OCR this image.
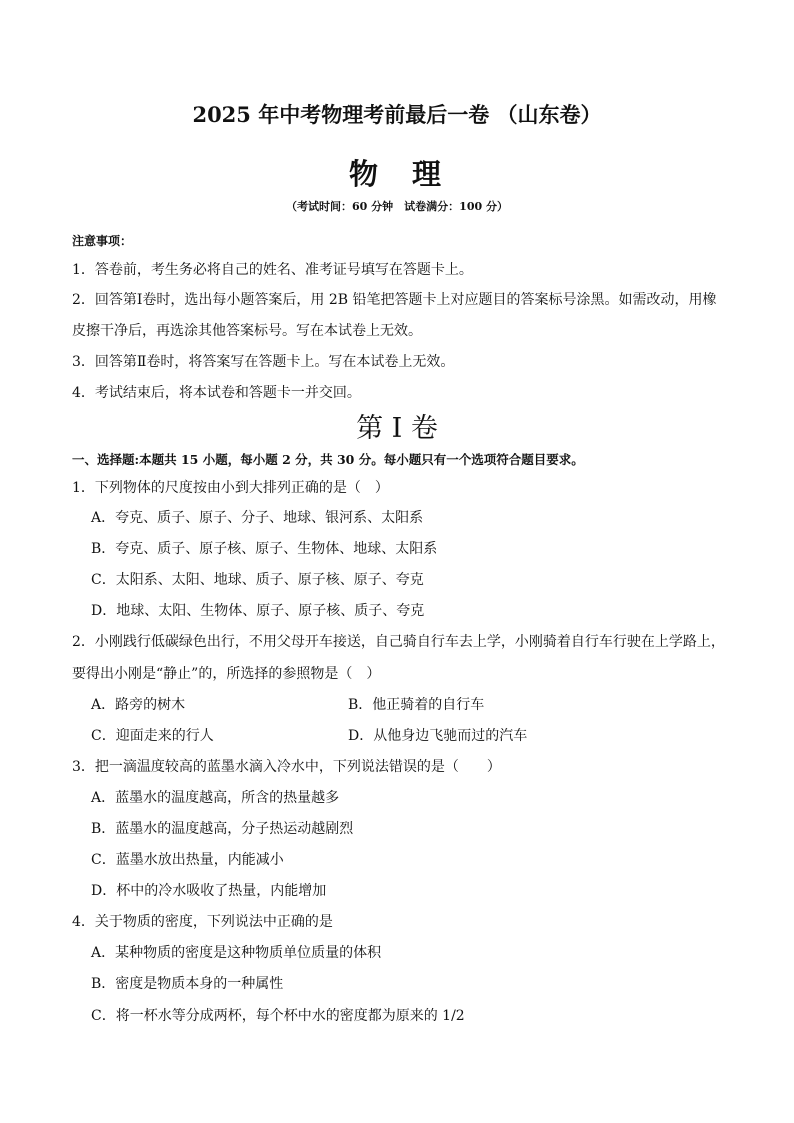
2025 年中考物理考前最后一卷 （山东卷）
物 理
（考试时间：60 分钟　试卷满分：100 分）
注意事项：
1．答卷前，考生务必将自己的姓名、准考证号填写在答题卡上。
2．回答第Ⅰ卷时，选出每小题答案后，用 2B 铅笔把答题卡上对应题目的答案标号涂黑。如需改动，用橡
皮擦干净后，再选涂其他答案标号。写在本试卷上无效。
3．回答第Ⅱ卷时，将答案写在答题卡上。写在本试卷上无效。
4．考试结束后，将本试卷和答题卡一并交回。
第 I 卷
一、选择题:本题共 15 小题，每小题 2 分，共 30 分。每小题只有一个选项符合题目要求。
1．下列物体的尺度按由小到大排列正确的是（　）
A．夸克、质子、原子、分子、地球、银河系、太阳系
B．夸克、质子、原子核、原子、生物体、地球、太阳系
C．太阳系、太阳、地球、质子、原子核、原子、夸克
D．地球、太阳、生物体、原子、原子核、质子、夸克
2．小刚践行低碳绿色出行，不用父母开车接送，自己骑自行车去上学，小刚骑着自行车行驶在上学路上，
要得出小刚是“静止”的，所选择的参照物是（　）
A．路旁的树木	B．他正骑着的自行车
C．迎面走来的行人	D．从他身边飞驰而过的汽车
3．把一滴温度较高的蓝墨水滴入冷水中，下列说法错误的是（　　）
A．蓝墨水的温度越高，所含的热量越多
B．蓝墨水的温度越高，分子热运动越剧烈
C．蓝墨水放出热量，内能减小
D．杯中的冷水吸收了热量，内能增加
4．关于物质的密度，下列说法中正确的是
A．某种物质的密度是这种物质单位质量的体积
B．密度是物质本身的一种属性
C．将一杯水等分成两杯，每个杯中水的密度都为原来的 1/2
